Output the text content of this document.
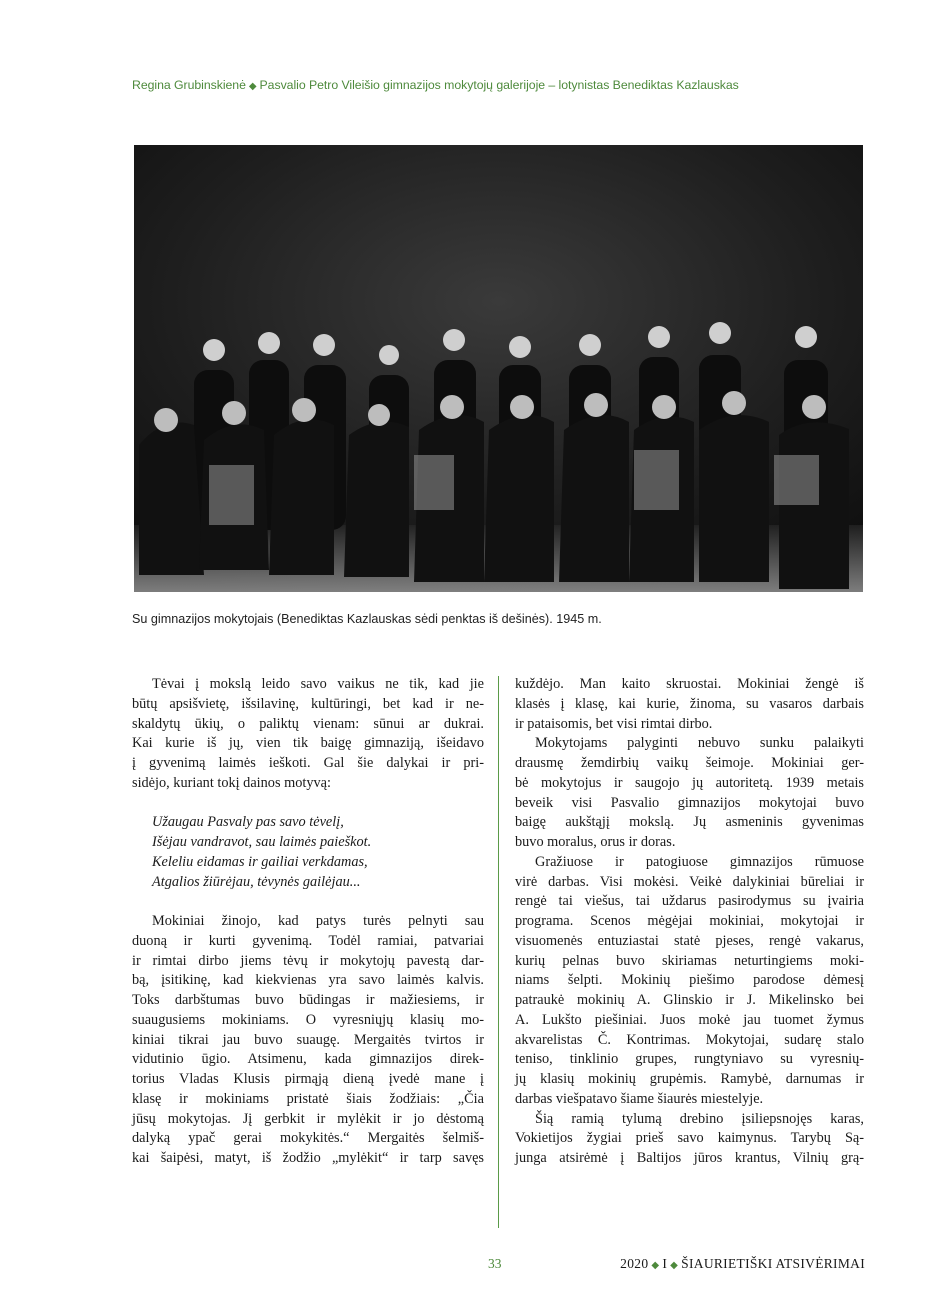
Regina Grubinskienė ◆ Pasvalio Petro Vileišio gimnazijos mokytojų galerijoje – lotynistas Benediktas Kazlauskas
Su gimnazijos mokytojais (Benediktas Kazlauskas sėdi penktas iš dešinės). 1945 m.
Tėvai į mokslą leido savo vaikus ne tik, kad jie
būtų apsišvietę, išsilavinę, kultūringi, bet kad ir ne-
skaldytų ūkių, o paliktų vienam: sūnui ar dukrai.
Kai kurie iš jų, vien tik baigę gimnaziją, išeidavo
į gyvenimą laimės ieškoti. Gal šie dalykai ir pri-
sidėjo, kuriant tokį dainos motyvą:
Užaugau Pasvaly pas savo tėvelį,
Išėjau vandravot, sau laimės paieškot.
Keleliu eidamas ir gailiai verkdamas,
Atgalios žiūrėjau, tėvynės gailėjau...
Mokiniai žinojo, kad patys turės pelnyti sau
duoną ir kurti gyvenimą. Todėl ramiai, patvariai
ir rimtai dirbo jiems tėvų ir mokytojų pavestą dar-
bą, įsitikinę, kad kiekvienas yra savo laimės kalvis.
Toks darbštumas buvo būdingas ir mažiesiems, ir
suaugusiems mokiniams. O vyresniųjų klasių mo-
kiniai tikrai jau buvo suaugę. Mergaitės tvirtos ir
vidutinio ūgio. Atsimenu, kada gimnazijos direk-
torius Vladas Klusis pirmąją dieną įvedė mane į
klasę ir mokiniams pristatė šiais žodžiais: „Čia
jūsų mokytojas. Jį gerbkit ir mylėkit ir jo dėstomą
dalyką ypač gerai mokykitės.“ Mergaitės šelmiš-
kai šaipėsi, matyt, iš žodžio „mylėkit“ ir tarp savęs
kuždėjo. Man kaito skruostai. Mokiniai žengė iš
klasės į klasę, kai kurie, žinoma, su vasaros darbais
ir pataisomis, bet visi rimtai dirbo.
Mokytojams palyginti nebuvo sunku palaikyti
drausmę žemdirbių vaikų šeimoje. Mokiniai ger-
bė mokytojus ir saugojo jų autoritetą. 1939 metais
beveik visi Pasvalio gimnazijos mokytojai buvo
baigę aukštąjį mokslą. Jų asmeninis gyvenimas
buvo moralus, orus ir doras.
Gražiuose ir patogiuose gimnazijos rūmuose
virė darbas. Visi mokėsi. Veikė dalykiniai būreliai ir
rengė tai viešus, tai uždarus pasirodymus su įvairia
programa. Scenos mėgėjai mokiniai, mokytojai ir
visuomenės entuziastai statė pjeses, rengė vakarus,
kurių pelnas buvo skiriamas neturtingiems moki-
niams šelpti. Mokinių piešimo parodose dėmesį
patraukė mokinių A. Glinskio ir J. Mikelinsko bei
A. Lukšto piešiniai. Juos mokė jau tuomet žymus
akvarelistas Č. Kontrimas. Mokytojai, sudarę stalo
teniso, tinklinio grupes, rungtyniavo su vyresnių-
jų klasių mokinių grupėmis. Ramybė, darnumas ir
darbas viešpatavo šiame šiaurės miestelyje.
Šią ramią tylumą drebino įsiliepsnojęs karas,
Vokietijos žygiai prieš savo kaimynus. Tarybų Są-
junga atsirėmė į Baltijos jūros krantus, Vilnių grą-
33	2020 ◆ I ◆ ŠIAURIETIŠKI ATSIVĖRIMAI
